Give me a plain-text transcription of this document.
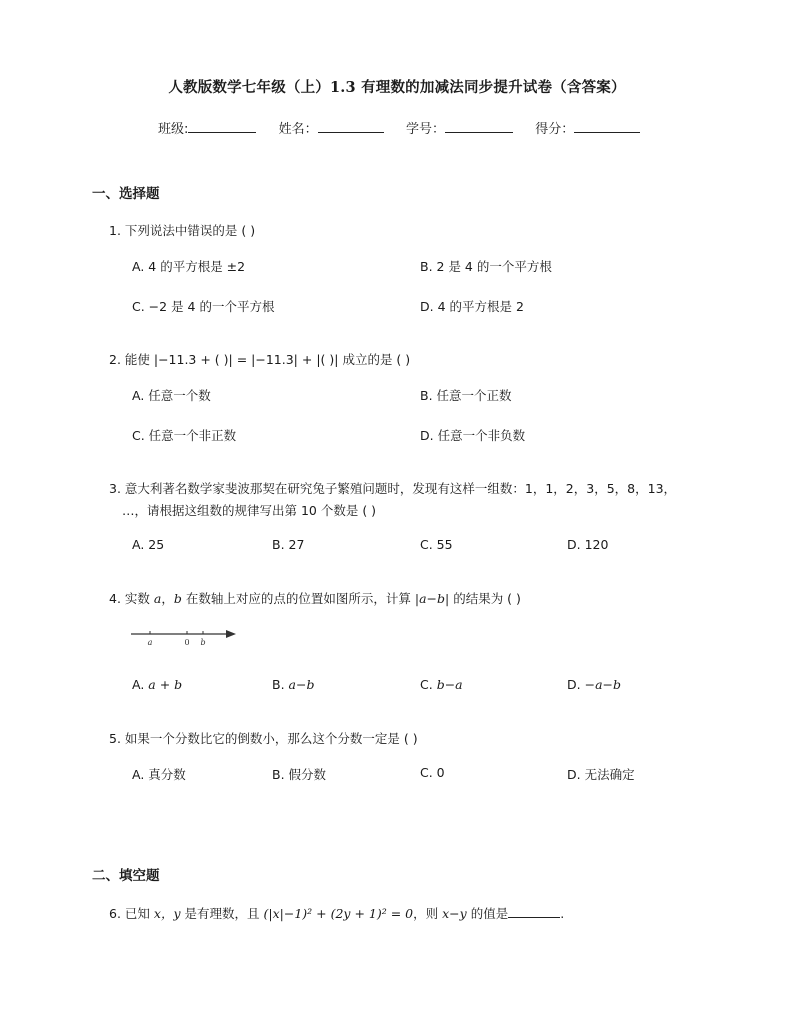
人教版数学七年级（上）1.3 有理数的加减法同步提升试卷（含答案）
班级:	姓名：	学号：	得分：
一、选择题
1. 下列说法中错误的是 ( )
A. 4 的平方根是 ±2	B. 2 是 4 的一个平方根
C. −2 是 4 的一个平方根	D. 4 的平方根是 2
2. 能使 |−11.3 + ( )| = |−11.3| + |( )| 成立的是 ( )
A. 任意一个数	B. 任意一个正数
C. 任意一个非正数	D. 任意一个非负数
3. 意大利著名数学家斐波那契在研究兔子繁殖问题时，发现有这样一组数：1，1，2，3，5，8，13，
…，请根据这组数的规律写出第 10 个数是 ( )
A. 25	B. 27	C. 55	D. 120
4. 实数 a，b 在数轴上对应的点的位置如图所示，计算 |a−b| 的结果为 ( )
a	0 b
A. a + b	B. a−b	C. b−a	D. −a−b
5. 如果一个分数比它的倒数小，那么这个分数一定是 ( )
A. 真分数	B. 假分数	C. 0	D. 无法确定
二、填空题
6. 已知 x，y 是有理数，且 (|x|−1)² + (2y + 1)² = 0，则 x−y 的值是	.
